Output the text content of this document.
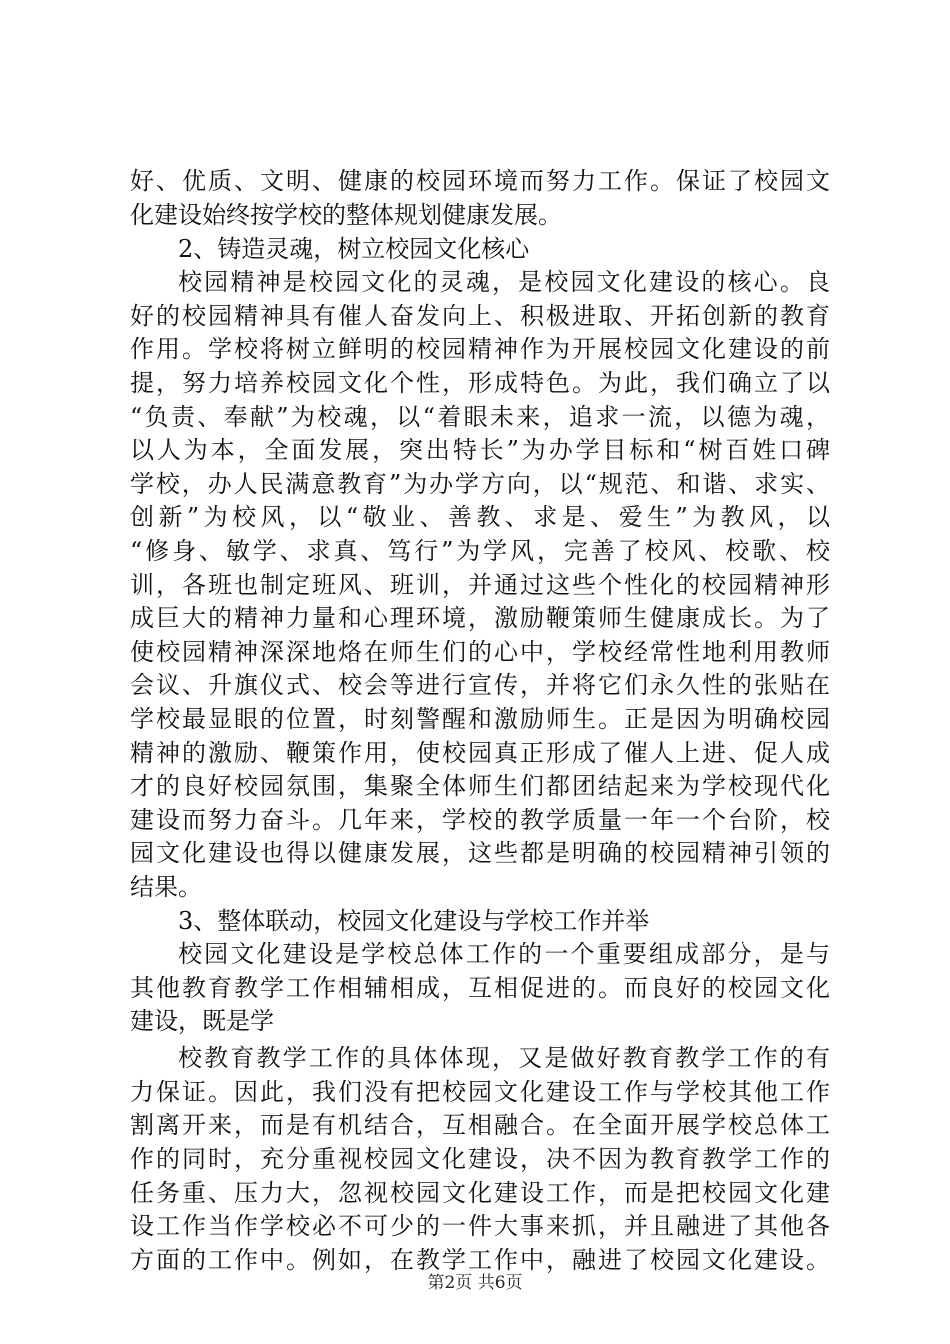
好、优质、文明、健康的校园环境而努力工作。保证了校园文
化建设始终按学校的整体规划健康发展。
2、铸造灵魂，树立校园文化核心
校园精神是校园文化的灵魂，是校园文化建设的核心。良
好的校园精神具有催人奋发向上、积极进取、开拓创新的教育
作用。学校将树立鲜明的校园精神作为开展校园文化建设的前
提，努力培养校园文化个性，形成特色。为此，我们确立了以
“负责、奉献”为校魂，以“着眼未来，追求一流，以德为魂，
以人为本，全面发展，突出特长”为办学目标和“树百姓口碑
学校，办人民满意教育”为办学方向，以“规范、和谐、求实、
创新”为校风，以“敬业、善教、求是、爱生”为教风，以
“修身、敏学、求真、笃行”为学风，完善了校风、校歌、校
训，各班也制定班风、班训，并通过这些个性化的校园精神形
成巨大的精神力量和心理环境，激励鞭策师生健康成长。为了
使校园精神深深地烙在师生们的心中，学校经常性地利用教师
会议、升旗仪式、校会等进行宣传，并将它们永久性的张贴在
学校最显眼的位置，时刻警醒和激励师生。正是因为明确校园
精神的激励、鞭策作用，使校园真正形成了催人上进、促人成
才的良好校园氛围，集聚全体师生们都团结起来为学校现代化
建设而努力奋斗。几年来，学校的教学质量一年一个台阶，校
园文化建设也得以健康发展，这些都是明确的校园精神引领的
结果。
3、整体联动，校园文化建设与学校工作并举
校园文化建设是学校总体工作的一个重要组成部分，是与
其他教育教学工作相辅相成，互相促进的。而良好的校园文化
建设，既是学
校教育教学工作的具体体现，又是做好教育教学工作的有
力保证。因此，我们没有把校园文化建设工作与学校其他工作
割离开来，而是有机结合，互相融合。在全面开展学校总体工
作的同时，充分重视校园文化建设，决不因为教育教学工作的
任务重、压力大，忽视校园文化建设工作，而是把校园文化建
设工作当作学校必不可少的一件大事来抓，并且融进了其他各
方面的工作中。例如，在教学工作中，融进了校园文化建设。
第2页 共6页
